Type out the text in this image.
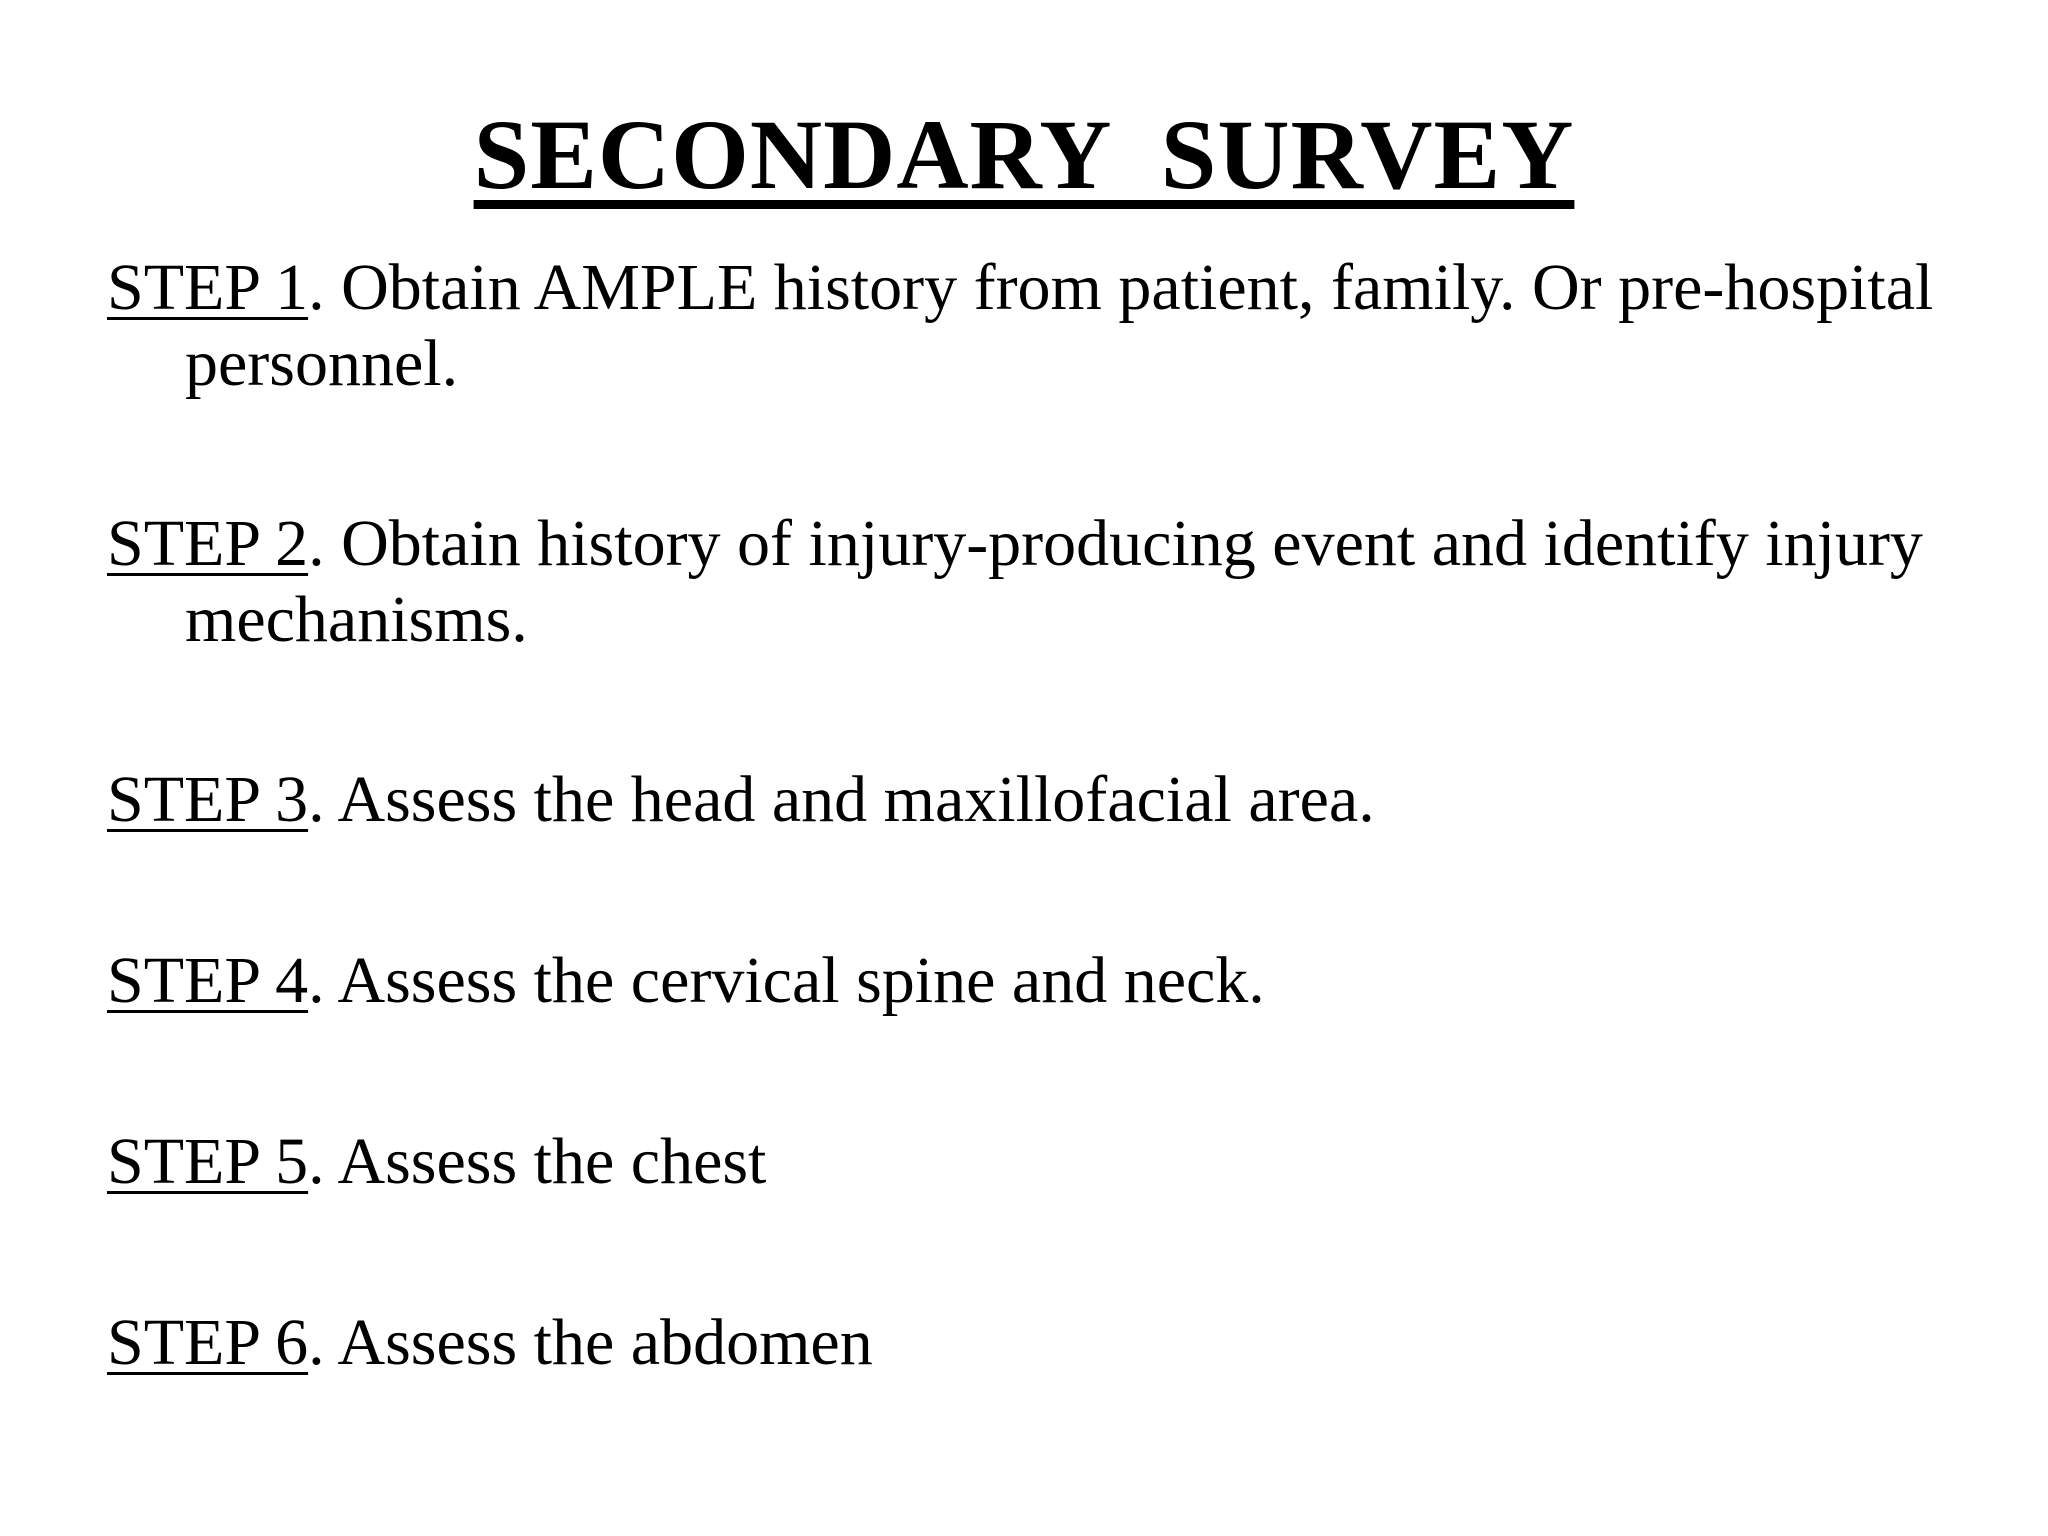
SECONDARY  SURVEY

STEP 1. Obtain AMPLE history from patient, family. Or pre-hospital personnel.

STEP 2. Obtain history of injury-producing event and identify injury mechanisms.

STEP 3. Assess the head and maxillofacial area.

STEP 4. Assess the cervical spine and neck.

STEP 5. Assess the chest

STEP 6. Assess the abdomen
